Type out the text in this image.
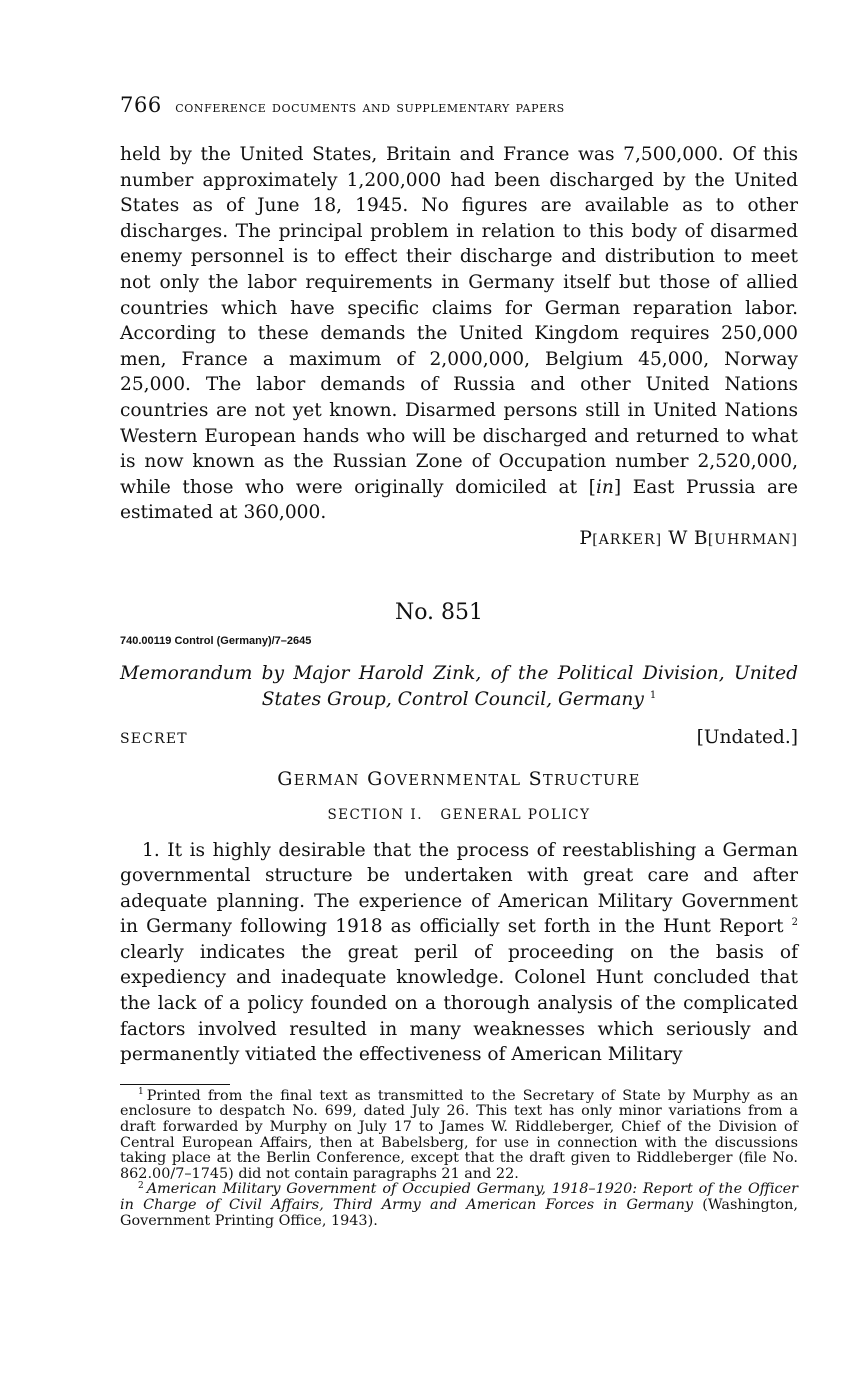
766 conference documents and supplementary papers

held by the United States, Britain and France was 7,500,000. Of this number approximately 1,200,000 had been discharged by the United States as of June 18, 1945. No figures are available as to other discharges. The principal problem in relation to this body of disarmed enemy personnel is to effect their discharge and distribution to meet not only the labor requirements in Germany itself but those of allied countries which have specific claims for German reparation labor. According to these demands the United Kingdom requires 250,000 men, France a maximum of 2,000,000, Belgium 45,000, Norway 25,000. The labor demands of Russia and other United Nations countries are not yet known. Disarmed persons still in United Nations Western European hands who will be discharged and returned to what is now known as the Russian Zone of Occupation number 2,520,000, while those who were originally domiciled at [in] East Prussia are estimated at 360,000.

P[ARKER] W B[UHRMAN]
No. 851
740.00119 Control (Germany)/7–2645
Memorandum by Major Harold Zink, of the Political Division, United States Group, Control Council, Germany $^1$
SECRET	[Undated.]
GERMAN GOVERNMENTAL STRUCTURE
SECTION I.   GENERAL POLICY

1. It is highly desirable that the process of reestablishing a German governmental structure be undertaken with great care and after adequate planning. The experience of American Military Government in Germany following 1918 as officially set forth in the Hunt Report $^2$ clearly indicates the great peril of proceeding on the basis of expediency and inadequate knowledge. Colonel Hunt concluded that the lack of a policy founded on a thorough analysis of the complicated factors involved resulted in many weaknesses which seriously and permanently vitiated the effectiveness of American Military

$^1$ Printed from the final text as transmitted to the Secretary of State by Murphy as an enclosure to despatch No. 699, dated July 26. This text has only minor variations from a draft forwarded by Murphy on July 17 to James W. Riddleberger, Chief of the Division of Central European Affairs, then at Babelsberg, for use in connection with the discussions taking place at the Berlin Conference, except that the draft given to Riddleberger (file No. 862.00/7–1745) did not contain paragraphs 21 and 22.

$^2$ American Military Government of Occupied Germany, 1918–1920: Report of the Officer in Charge of Civil Affairs, Third Army and American Forces in Germany (Washington, Government Printing Office, 1943).
